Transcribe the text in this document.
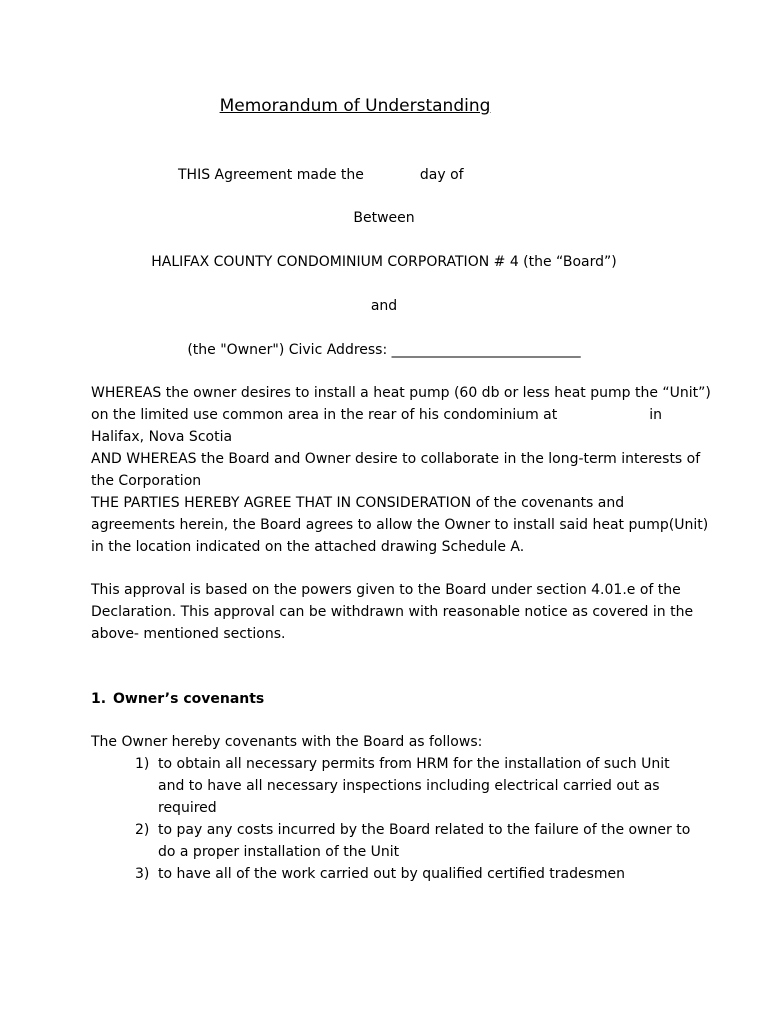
Memorandum of Understanding
THIS Agreement made the	day of
Between
HALIFAX COUNTY CONDOMINIUM CORPORATION # 4 (the “Board”)
and
(the "Owner") Civic Address: ___________________________
WHEREAS the owner desires to install a heat pump (60 db or less heat pump the “Unit”)
on the limited use common area in the rear of his condominium at	in
Halifax, Nova Scotia
AND WHEREAS the Board and Owner desire to collaborate in the long-term interests of
the Corporation
THE PARTIES HEREBY AGREE THAT IN CONSIDERATION of the covenants and
agreements herein, the Board agrees to allow the Owner to install said heat pump(Unit)
in the location indicated on the attached drawing Schedule A.
This approval is based on the powers given to the Board under section 4.01.e of the
Declaration. This approval can be withdrawn with reasonable notice as covered in the
above- mentioned sections.
1. Owner’s covenants
The Owner hereby covenants with the Board as follows:
1) to obtain all necessary permits from HRM for the installation of such Unit
and to have all necessary inspections including electrical carried out as
required
2) to pay any costs incurred by the Board related to the failure of the owner to
do a proper installation of the Unit
3) to have all of the work carried out by qualified certified tradesmen
